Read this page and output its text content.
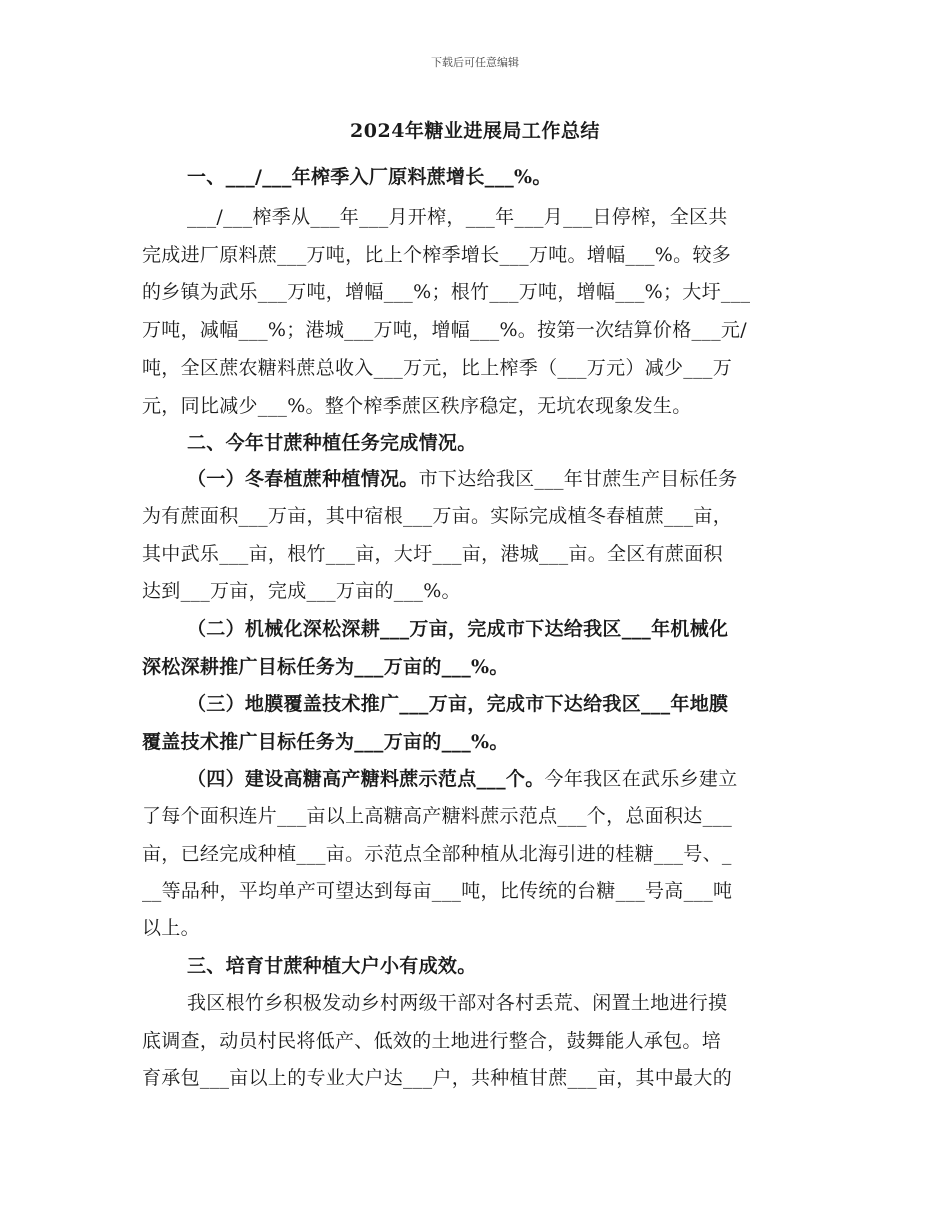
下载后可任意编辑
2024年糖业进展局工作总结
一、___/___年榨季入厂原料蔗增长___%。
___/___榨季从___年___月开榨，___年___月___日停榨，全区共
完成进厂原料蔗___万吨，比上个榨季增长___万吨。增幅___%。较多
的乡镇为武乐___万吨，增幅___%；根竹___万吨，增幅___%；大圩___
万吨，减幅___%；港城___万吨，增幅___%。按第一次结算价格___元/
吨，全区蔗农糖料蔗总收入___万元，比上榨季（___万元）减少___万
元，同比减少___%。整个榨季蔗区秩序稳定，无坑农现象发生。
二、今年甘蔗种植任务完成情况。
（一）冬春植蔗种植情况。市下达给我区___年甘蔗生产目标任务
为有蔗面积___万亩，其中宿根___万亩。实际完成植冬春植蔗___亩，
其中武乐___亩，根竹___亩，大圩___亩，港城___亩。全区有蔗面积
达到___万亩，完成___万亩的___%。
（二）机械化深松深耕___万亩，完成市下达给我区___年机械化
深松深耕推广目标任务为___万亩的___%。
（三）地膜覆盖技术推广___万亩，完成市下达给我区___年地膜
覆盖技术推广目标任务为___万亩的___%。
（四）建设高糖高产糖料蔗示范点___个。今年我区在武乐乡建立
了每个面积连片___亩以上高糖高产糖料蔗示范点___个，总面积达___
亩，已经完成种植___亩。示范点全部种植从北海引进的桂糖___号、_
__等品种，平均单产可望达到每亩___吨，比传统的台糖___号高___吨
以上。
三、培育甘蔗种植大户小有成效。
我区根竹乡积极发动乡村两级干部对各村丢荒、闲置土地进行摸
底调查，动员村民将低产、低效的土地进行整合，鼓舞能人承包。培
育承包___亩以上的专业大户达___户，共种植甘蔗___亩，其中最大的
